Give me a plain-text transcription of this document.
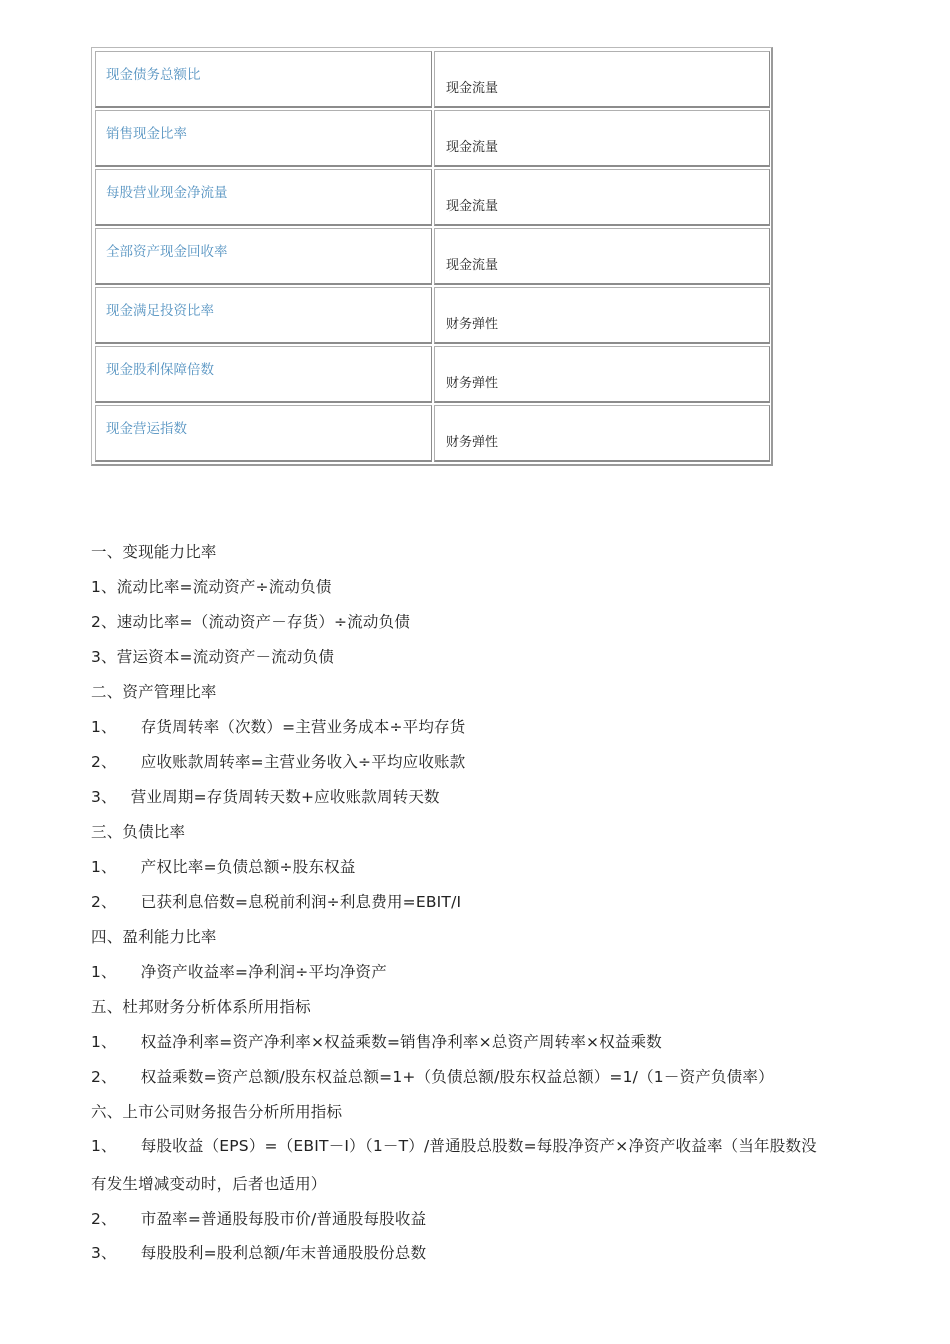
现金债务总额比
现金流量
销售现金比率
现金流量
每股营业现金净流量
现金流量
全部资产现金回收率
现金流量
现金满足投资比率
财务弹性
现金股利保障倍数
财务弹性
现金营运指数
财务弹性
一、变现能力比率
1、流动比率=流动资产÷流动负债
2、速动比率=（流动资产－存货）÷流动负债
3、营运资本=流动资产－流动负债
二、资产管理比率
1、 存货周转率（次数）=主营业务成本÷平均存货
2、 应收账款周转率=主营业务收入÷平均应收账款
3、 营业周期=存货周转天数+应收账款周转天数
三、负债比率
1、 产权比率=负债总额÷股东权益
2、 已获利息倍数=息税前利润÷利息费用=EBIT/I
四、盈利能力比率
1、 净资产收益率=净利润÷平均净资产
五、杜邦财务分析体系所用指标
1、 权益净利率=资产净利率×权益乘数=销售净利率×总资产周转率×权益乘数
2、 权益乘数=资产总额/股东权益总额=1+（负债总额/股东权益总额）=1/（1－资产负债率）
六、上市公司财务报告分析所用指标
1、 每股收益（EPS）=（EBIT－I）（1－T）/普通股总股数=每股净资产×净资产收益率（当年股数没
有发生增减变动时，后者也适用）
2、 市盈率=普通股每股市价/普通股每股收益
3、 每股股利=股利总额/年末普通股股份总数
